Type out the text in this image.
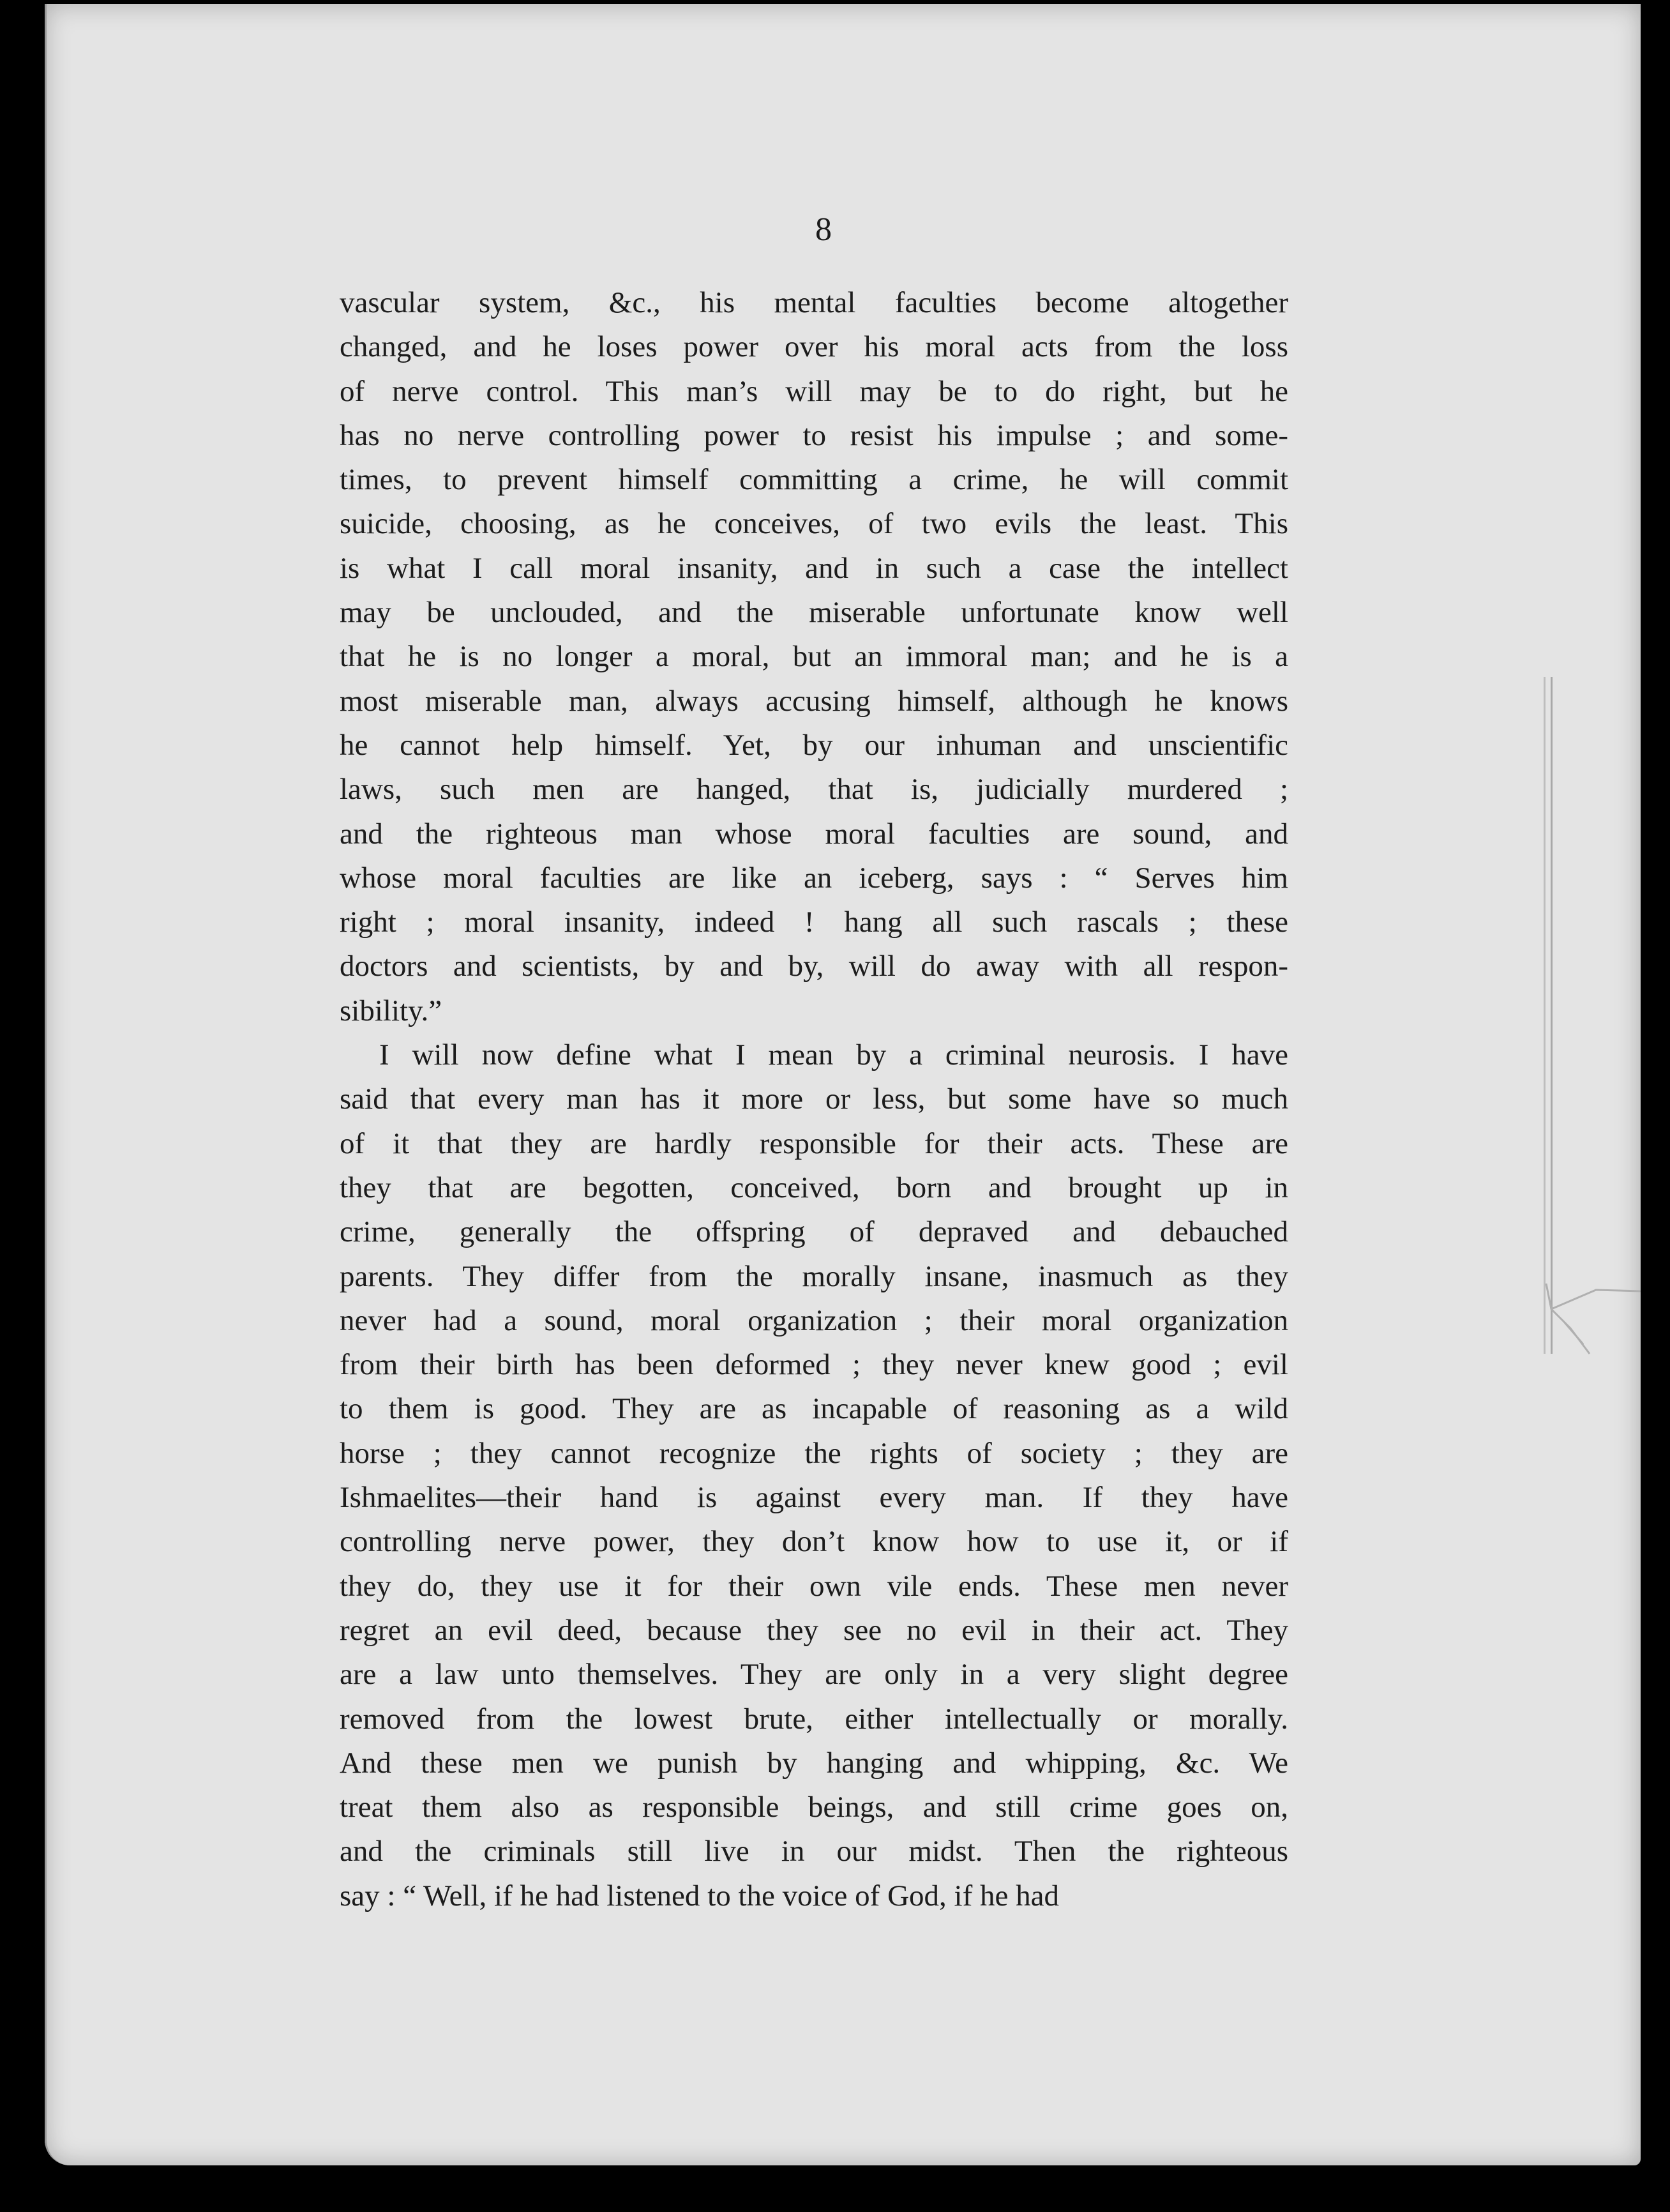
8

vascular system, &c., his mental faculties become altogether
changed, and he loses power over his moral acts from the loss
of nerve control. This man’s will may be to do right, but he
has no nerve controlling power to resist his impulse ; and some-
times, to prevent himself committing a crime, he will commit
suicide, choosing, as he conceives, of two evils the least. This
is what I call moral insanity, and in such a case the intellect
may be unclouded, and the miserable unfortunate know well
that he is no longer a moral, but an immoral man; and he is a
most miserable man, always accusing himself, although he knows
he cannot help himself. Yet, by our inhuman and unscientific
laws, such men are hanged, that is, judicially murdered ;
and the righteous man whose moral faculties are sound, and
whose moral faculties are like an iceberg, says : “ Serves him
right ; moral insanity, indeed ! hang all such rascals ; these
doctors and scientists, by and by, will do away with all respon-
sibility.”
I will now define what I mean by a criminal neurosis. I have
said that every man has it more or less, but some have so much
of it that they are hardly responsible for their acts. These are
they that are begotten, conceived, born and brought up in
crime, generally the offspring of depraved and debauched
parents. They differ from the morally insane, inasmuch as they
never had a sound, moral organization ; their moral organization
from their birth has been deformed ; they never knew good ; evil
to them is good. They are as incapable of reasoning as a wild
horse ; they cannot recognize the rights of society ; they are
Ishmaelites—their hand is against every man. If they have
controlling nerve power, they don’t know how to use it, or if
they do, they use it for their own vile ends. These men never
regret an evil deed, because they see no evil in their act. They
are a law unto themselves. They are only in a very slight degree
removed from the lowest brute, either intellectually or morally.
And these men we punish by hanging and whipping, &c. We
treat them also as responsible beings, and still crime goes on,
and the criminals still live in our midst. Then the righteous
say : “ Well, if he had listened to the voice of God, if he had
